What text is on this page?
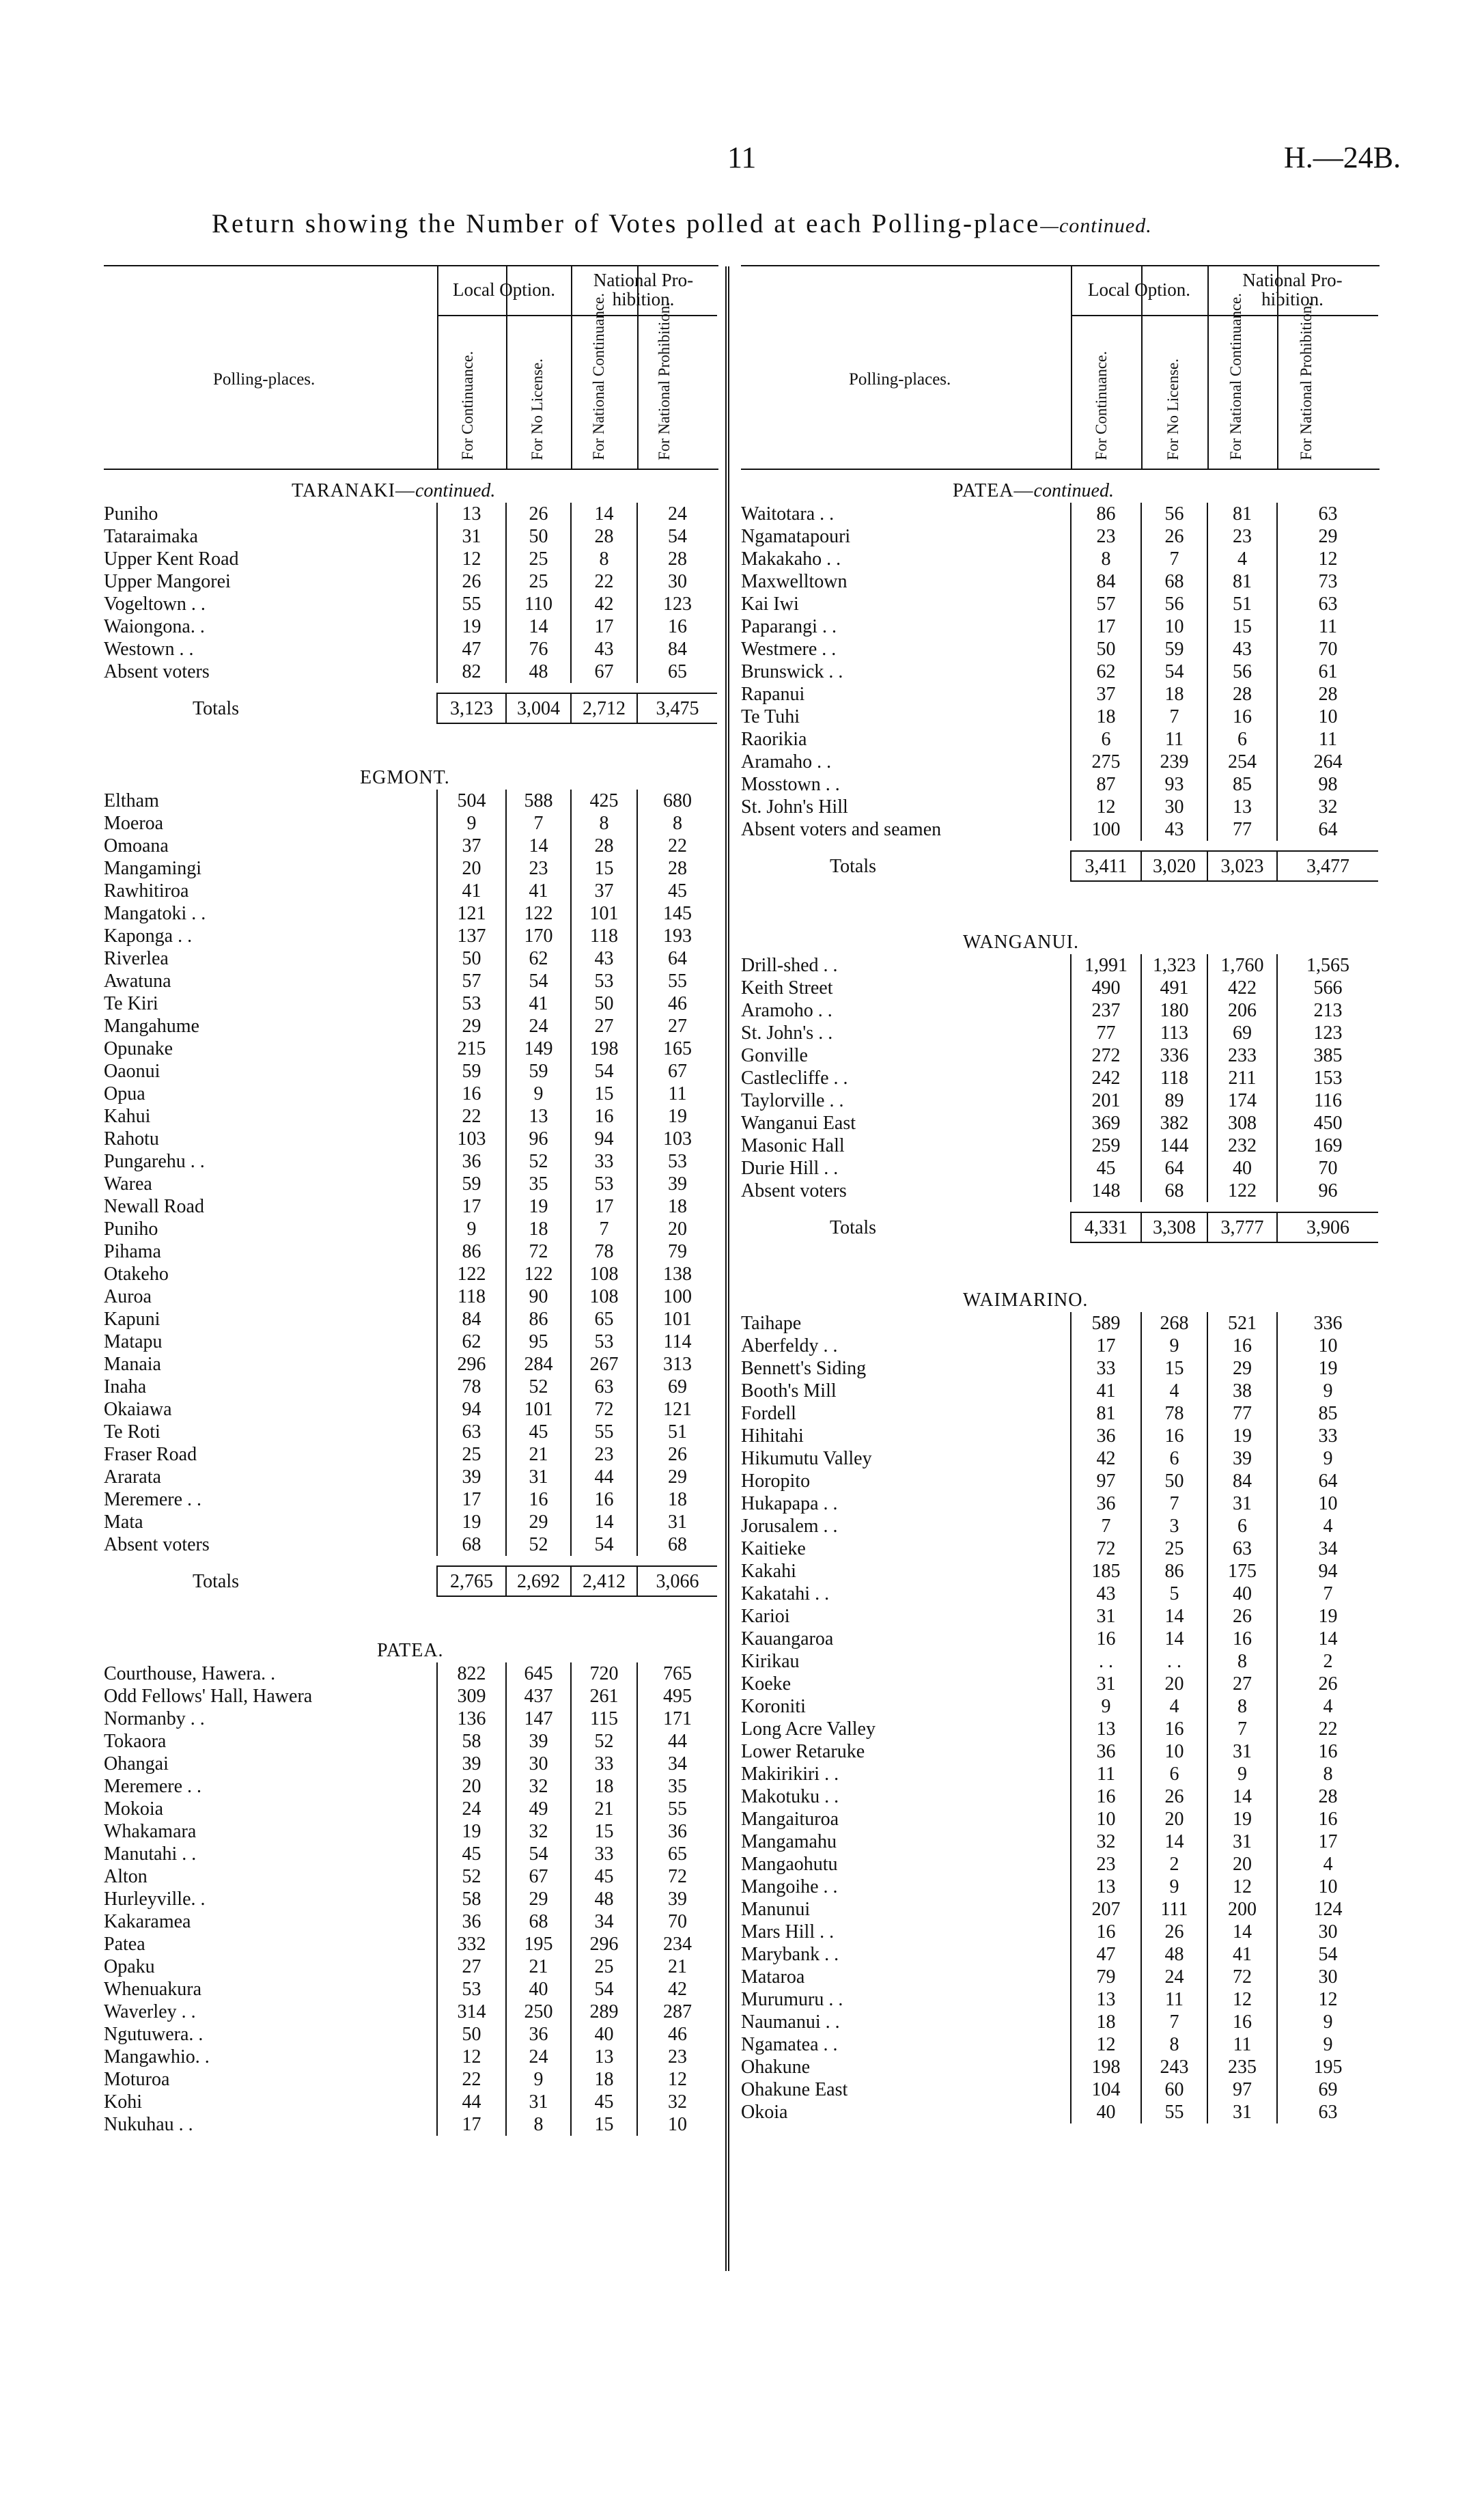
11	H.—24B.
Return showing the Number of Votes polled at each Polling-place—continued.
Polling-places.
Local Option.	National Pro-hibition.
For Continuance.	For No License.	For National Continuance.	For National Prohibition.

TARANAKI—continued.				
Puniho	13	26	14	24
Tataraimaka	31	50	28	54
Upper Kent Road	12	25	8	28
Upper Mangorei	26	25	22	30
Vogeltown . .	55	110	42	123
Waiongona. .	19	14	17	16
Westown . .	47	76	43	84
Absent voters	82	48	67	65

Totals	3,123	3,004	2,712	3,475

EGMONT.				
Eltham	504	588	425	680
Moeroa	9	7	8	8
Omoana	37	14	28	22
Mangamingi	20	23	15	28
Rawhitiroa	41	41	37	45
Mangatoki . .	121	122	101	145
Kaponga . .	137	170	118	193
Riverlea	50	62	43	64
Awatuna	57	54	53	55
Te Kiri	53	41	50	46
Mangahume	29	24	27	27
Opunake	215	149	198	165
Oaonui	59	59	54	67
Opua	16	9	15	11
Kahui	22	13	16	19
Rahotu	103	96	94	103
Pungarehu . .	36	52	33	53
Warea	59	35	53	39
Newall Road	17	19	17	18
Puniho	9	18	7	20
Pihama	86	72	78	79
Otakeho	122	122	108	138
Auroa	118	90	108	100
Kapuni	84	86	65	101
Matapu	62	95	53	114
Manaia	296	284	267	313
Inaha	78	52	63	69
Okaiawa	94	101	72	121
Te Roti	63	45	55	51
Fraser Road	25	21	23	26
Ararata	39	31	44	29
Meremere . .	17	16	16	18
Mata	19	29	14	31
Absent voters	68	52	54	68

Totals	2,765	2,692	2,412	3,066

PATEA.				
Courthouse, Hawera. .	822	645	720	765
Odd Fellows' Hall, Hawera	309	437	261	495
Normanby . .	136	147	115	171
Tokaora	58	39	52	44
Ohangai	39	30	33	34
Meremere . .	20	32	18	35
Mokoia	24	49	21	55
Whakamara	19	32	15	36
Manutahi . .	45	54	33	65
Alton	52	67	45	72
Hurleyville. .	58	29	48	39
Kakaramea	36	68	34	70
Patea	332	195	296	234
Opaku	27	21	25	21
Whenuakura	53	40	54	42
Waverley . .	314	250	289	287
Ngutuwera. .	50	36	40	46
Mangawhio. .	12	24	13	23
Moturoa	22	9	18	12
Kohi	44	31	45	32
Nukuhau . .	17	8	15	10
Polling-places.
Local Option.	National Pro-hibition.
For Continuance.	For No License.	For National Continuance.	For National Prohibition.

PATEA—continued.				
Waitotara . .	86	56	81	63
Ngamatapouri	23	26	23	29
Makakaho . .	8	7	4	12
Maxwelltown	84	68	81	73
Kai Iwi	57	56	51	63
Paparangi . .	17	10	15	11
Westmere . .	50	59	43	70
Brunswick . .	62	54	56	61
Rapanui	37	18	28	28
Te Tuhi	18	7	16	10
Raorikia	6	11	6	11
Aramaho . .	275	239	254	264
Mosstown . .	87	93	85	98
St. John's Hill	12	30	13	32
Absent voters and seamen	100	43	77	64

Totals	3,411	3,020	3,023	3,477

WANGANUI.				
Drill-shed . .	1,991	1,323	1,760	1,565
Keith Street	490	491	422	566
Aramoho . .	237	180	206	213
St. John's . .	77	113	69	123
Gonville	272	336	233	385
Castlecliffe . .	242	118	211	153
Taylorville . .	201	89	174	116
Wanganui East	369	382	308	450
Masonic Hall	259	144	232	169
Durie Hill . .	45	64	40	70
Absent voters	148	68	122	96

Totals	4,331	3,308	3,777	3,906

WAIMARINO.				
Taihape	589	268	521	336
Aberfeldy . .	17	9	16	10
Bennett's Siding	33	15	29	19
Booth's Mill	41	4	38	9
Fordell	81	78	77	85
Hihitahi	36	16	19	33
Hikumutu Valley	42	6	39	9
Horopito	97	50	84	64
Hukapapa . .	36	7	31	10
Jorusalem . .	7	3	6	4
Kaitieke	72	25	63	34
Kakahi	185	86	175	94
Kakatahi . .	43	5	40	7
Karioi	31	14	26	19
Kauangaroa	16	14	16	14
Kirikau	. .	. .	8	2
Koeke	31	20	27	26
Koroniti	9	4	8	4
Long Acre Valley	13	16	7	22
Lower Retaruke	36	10	31	16
Makirikiri . .	11	6	9	8
Makotuku . .	16	26	14	28
Mangaituroa	10	20	19	16
Mangamahu	32	14	31	17
Mangaohutu	23	2	20	4
Mangoihe . .	13	9	12	10
Manunui	207	111	200	124
Mars Hill . .	16	26	14	30
Marybank . .	47	48	41	54
Mataroa	79	24	72	30
Murumuru . .	13	11	12	12
Naumanui . .	18	7	16	9
Ngamatea . .	12	8	11	9
Ohakune	198	243	235	195
Ohakune East	104	60	97	69
Okoia	40	55	31	63
